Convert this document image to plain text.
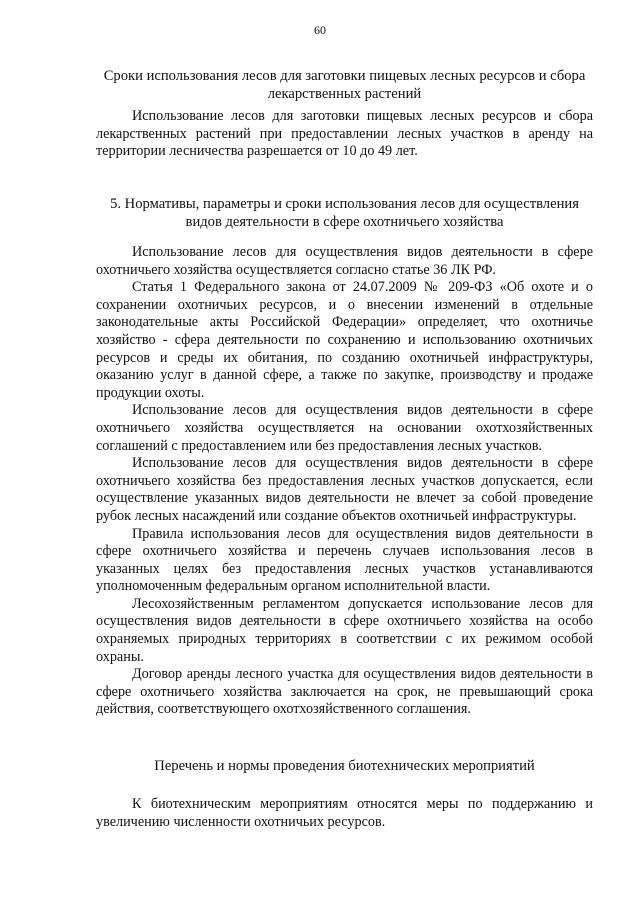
60
Сроки использования лесов для заготовки пищевых лесных ресурсов и сбора лекарственных растений

Использование лесов для заготовки пищевых лесных ресурсов и сбора лекарственных растений при предоставлении лесных участков в аренду на территории лесничества разрешается от 10 до 49 лет.

5. Нормативы, параметры и сроки использования лесов для осуществления видов деятельности в сфере охотничьего хозяйства

Использование лесов для осуществления видов деятельности в сфере охотничьего хозяйства осуществляется согласно статье 36 ЛК РФ.

Статья 1 Федерального закона от 24.07.2009 № 209-ФЗ «Об охоте и о сохранении охотничьих ресурсов, и о внесении изменений в отдельные законодательные акты Российской Федерации» определяет, что охотничье хозяйство - сфера деятельности по сохранению и использованию охотничьих ресурсов и среды их обитания, по созданию охотничьей инфраструктуры, оказанию услуг в данной сфере, а также по закупке, производству и продаже продукции охоты.

Использование лесов для осуществления видов деятельности в сфере охотничьего хозяйства осуществляется на основании охотхозяйственных соглашений с предоставлением или без предоставления лесных участков.

Использование лесов для осуществления видов деятельности в сфере охотничьего хозяйства без предоставления лесных участков допускается, если осуществление указанных видов деятельности не влечет за собой проведение рубок лесных насаждений или создание объектов охотничьей инфраструктуры.

Правила использования лесов для осуществления видов деятельности в сфере охотничьего хозяйства и перечень случаев использования лесов в указанных целях без предоставления лесных участков устанавливаются уполномоченным федеральным органом исполнительной власти.

Лесохозяйственным регламентом допускается использование лесов для осуществления видов деятельности в сфере охотничьего хозяйства на особо охраняемых природных территориях в соответствии с их режимом особой охраны.

Договор аренды лесного участка для осуществления видов деятельности в сфере охотничьего хозяйства заключается на срок, не превышающий срока действия, соответствующего охотхозяйственного соглашения.

Перечень и нормы проведения биотехнических мероприятий

К биотехническим мероприятиям относятся меры по поддержанию и увеличению численности охотничьих ресурсов.
